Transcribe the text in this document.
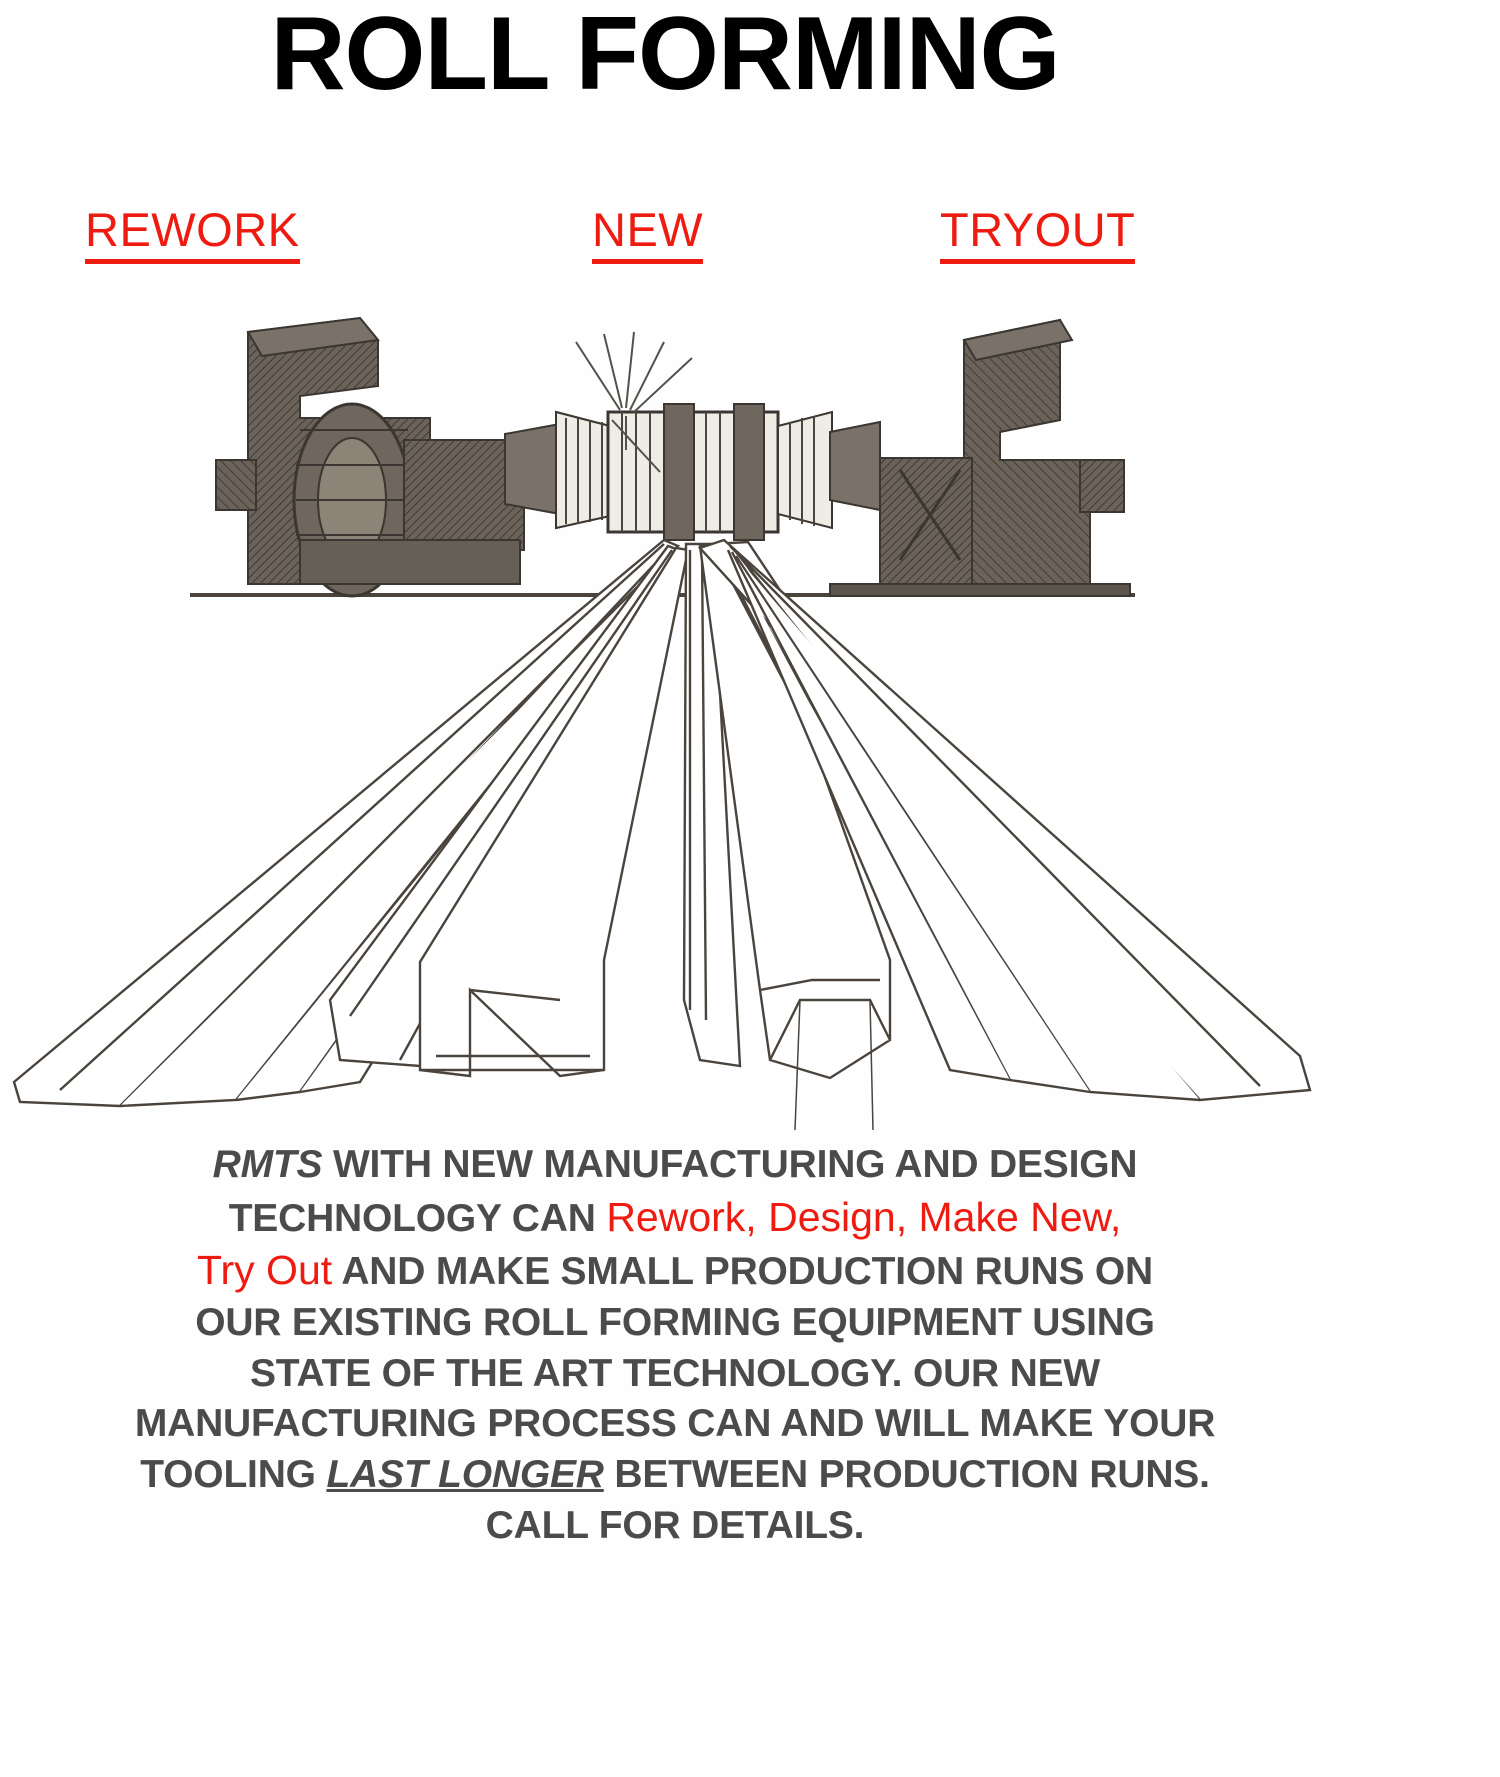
ROLL FORMING
REWORK	NEW	TRYOUT
RMTS WITH NEW MANUFACTURING AND DESIGN
TECHNOLOGY CAN Rework, Design, Make New,
Try Out AND MAKE SMALL PRODUCTION RUNS ON
OUR EXISTING ROLL FORMING EQUIPMENT USING
STATE OF THE ART TECHNOLOGY. OUR NEW
MANUFACTURING PROCESS CAN AND WILL MAKE YOUR
TOOLING LAST LONGER BETWEEN PRODUCTION RUNS.
CALL FOR DETAILS.
